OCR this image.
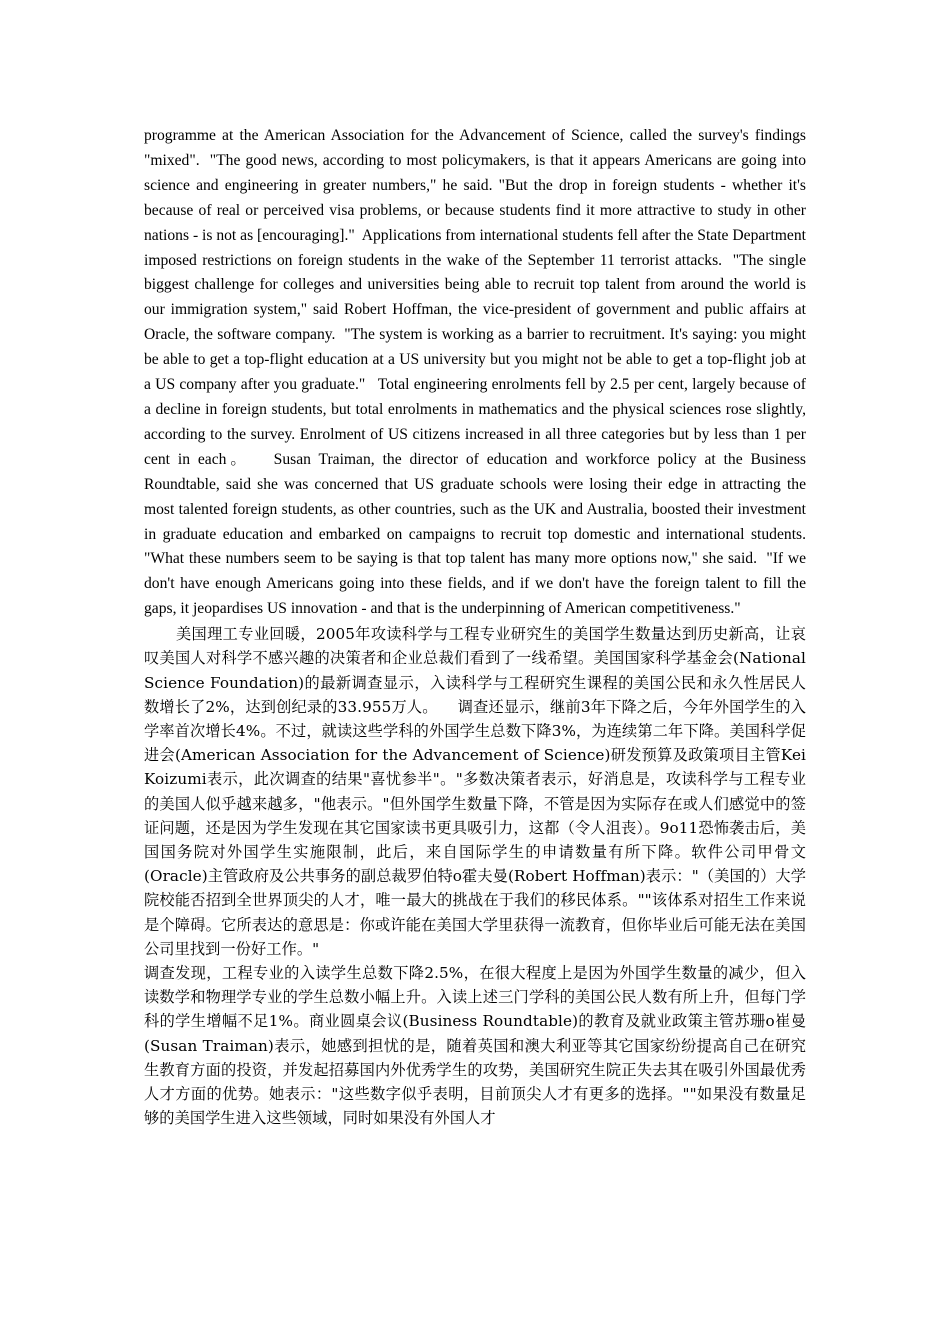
programme at the American Association for the Advancement of Science, called the survey's findings "mixed".  "The good news, according to most policymakers, is that it appears Americans are going into science and engineering in greater numbers," he said. "But the drop in foreign students - whether it's because of real or perceived visa problems, or because students find it more attractive to study in other nations - is not as [encouraging]."  Applications from international students fell after the State Department imposed restrictions on foreign students in the wake of the September 11 terrorist attacks.  "The single biggest challenge for colleges and universities being able to recruit top talent from around the world is our immigration system," said Robert Hoffman, the vice-president of government and public affairs at Oracle, the software company.  "The system is working as a barrier to recruitment. It's saying: you might be able to get a top-flight education at a US university but you might not be able to get a top-flight job at a US company after you graduate."   Total engineering enrolments fell by 2.5 per cent, largely because of a decline in foreign students, but total enrolments in mathematics and the physical sciences rose slightly, according to the survey. Enrolment of US citizens increased in all three categories but by less than 1 per cent in each。   Susan Traiman, the director of education and workforce policy at the Business Roundtable, said she was concerned that US graduate schools were losing their edge in attracting the most talented foreign students, as other countries, such as the UK and Australia, boosted their investment in graduate education and embarked on campaigns to recruit top domestic and international students. "What these numbers seem to be saying is that top talent has many more options now," she said.  "If we don't have enough Americans going into these fields, and if we don't have the foreign talent to fill the gaps, it jeopardises US innovation - and that is the underpinning of American competitiveness."

美国理工专业回暖，2005年攻读科学与工程专业研究生的美国学生数量达到历史新高，让哀叹美国人对科学不感兴趣的决策者和企业总裁们看到了一线希望。美国国家科学基金会(National Science Foundation)的最新调查显示，入读科学与工程研究生课程的美国公民和永久性居民人数增长了2%，达到创纪录的33.955万人。    调查还显示，继前3年下降之后，今年外国学生的入学率首次增长4%。不过，就读这些学科的外国学生总数下降3%，为连续第二年下降。美国科学促进会(American Association for the Advancement of Science)研发预算及政策项目主管Kei Koizumi表示，此次调查的结果"喜忧参半"。"多数决策者表示，好消息是，攻读科学与工程专业的美国人似乎越来越多，"他表示。"但外国学生数量下降，不管是因为实际存在或人们感觉中的签证问题，还是因为学生发现在其它国家读书更具吸引力，这都（令人沮丧）。9o11恐怖袭击后，美国国务院对外国学生实施限制，此后，来自国际学生的申请数量有所下降。软件公司甲骨文(Oracle)主管政府及公共事务的副总裁罗伯特o霍夫曼(Robert Hoffman)表示："（美国的）大学院校能否招到全世界顶尖的人才，唯一最大的挑战在于我们的移民体系。""该体系对招生工作来说是个障碍。它所表达的意思是：你或许能在美国大学里获得一流教育，但你毕业后可能无法在美国公司里找到一份好工作。"

调查发现，工程专业的入读学生总数下降2.5%，在很大程度上是因为外国学生数量的减少，但入读数学和物理学专业的学生总数小幅上升。入读上述三门学科的美国公民人数有所上升，但每门学科的学生增幅不足1%。商业圆桌会议(Business Roundtable)的教育及就业政策主管苏珊o崔曼(Susan Traiman)表示，她感到担忧的是，随着英国和澳大利亚等其它国家纷纷提高自己在研究生教育方面的投资，并发起招募国内外优秀学生的攻势，美国研究生院正失去其在吸引外国最优秀人才方面的优势。她表示："这些数字似乎表明，目前顶尖人才有更多的选择。""如果没有数量足够的美国学生进入这些领域，同时如果没有外国人才
